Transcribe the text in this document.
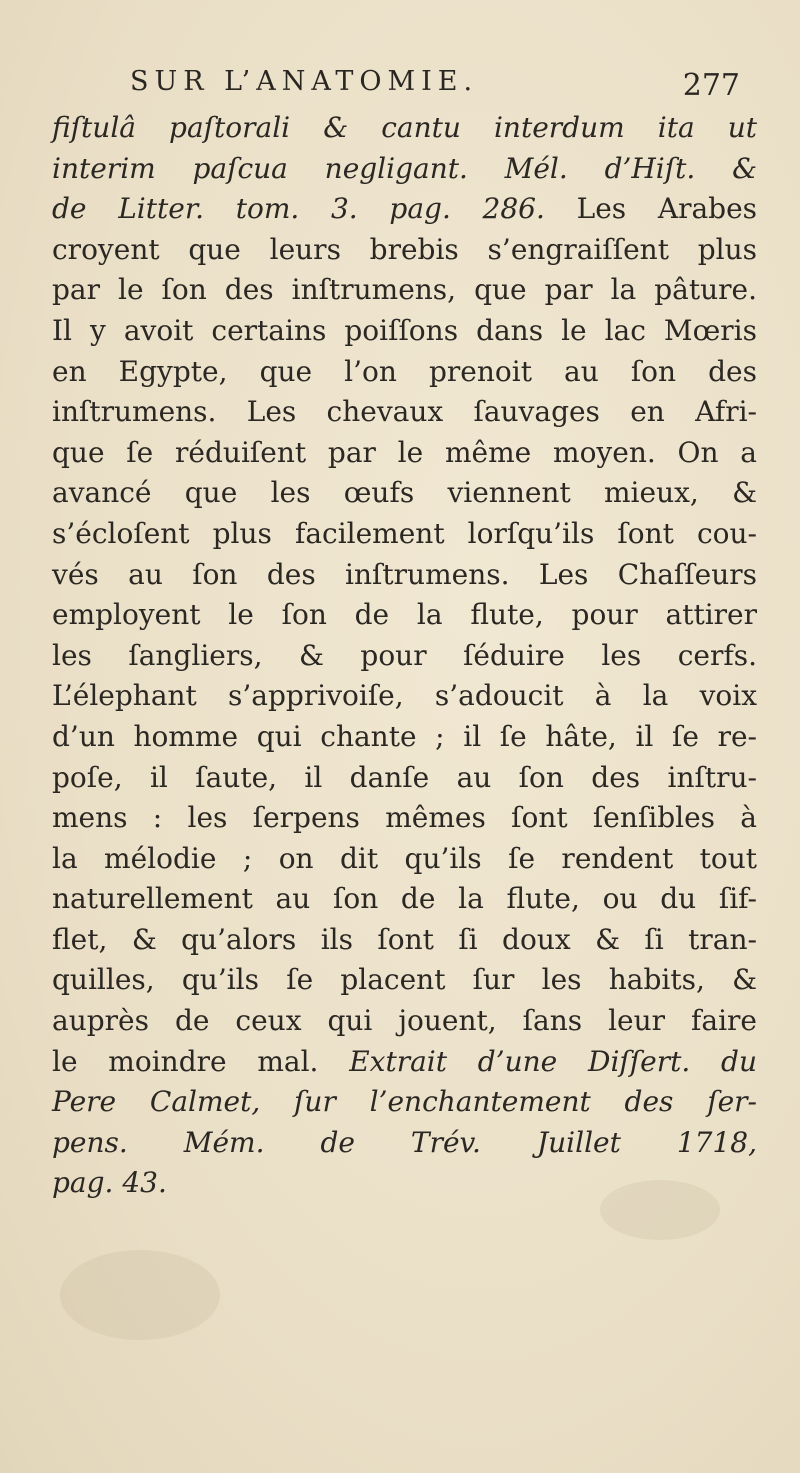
SUR L’ANATOMIE.	277
fiſtulâ paſtorali & cantu interdum ita ut
interim paſcua negligant. Mél. d’Hiſt. &
de Litter. tom. 3. pag. 286. Les Arabes
croyent que leurs brebis s’engraiſſent plus
par le ſon des inſtrumens, que par la pâture.
Il y avoit certains poiſſons dans le lac Mœris
en Egypte, que l’on prenoit au ſon des
inſtrumens. Les chevaux ſauvages en Afri-
que ſe réduiſent par le même moyen. On a
avancé que les œufs viennent mieux, &
s’écloſent plus facilement lorſqu’ils ſont cou-
vés au ſon des inſtrumens. Les Chaſſeurs
employent le ſon de la flute, pour attirer
les ſangliers, & pour ſéduire les cerfs.
L’élephant s’apprivoiſe, s’adoucit à la voix
d’un homme qui chante ; il ſe hâte, il ſe re-
poſe, il ſaute, il danſe au ſon des inſtru-
mens : les ſerpens mêmes ſont ſenſibles à
la mélodie ; on dit qu’ils ſe rendent tout
naturellement au ſon de la flute, ou du ſif-
flet, & qu’alors ils ſont ſi doux & ſi tran-
quilles, qu’ils ſe placent ſur les habits, &
auprès de ceux qui jouent, ſans leur faire
le moindre mal. Extrait d’une Diſſert. du
Pere Calmet, ſur l’enchantement des ſer-
pens. Mém. de Trév. Juillet 1718,
pag. 43.
